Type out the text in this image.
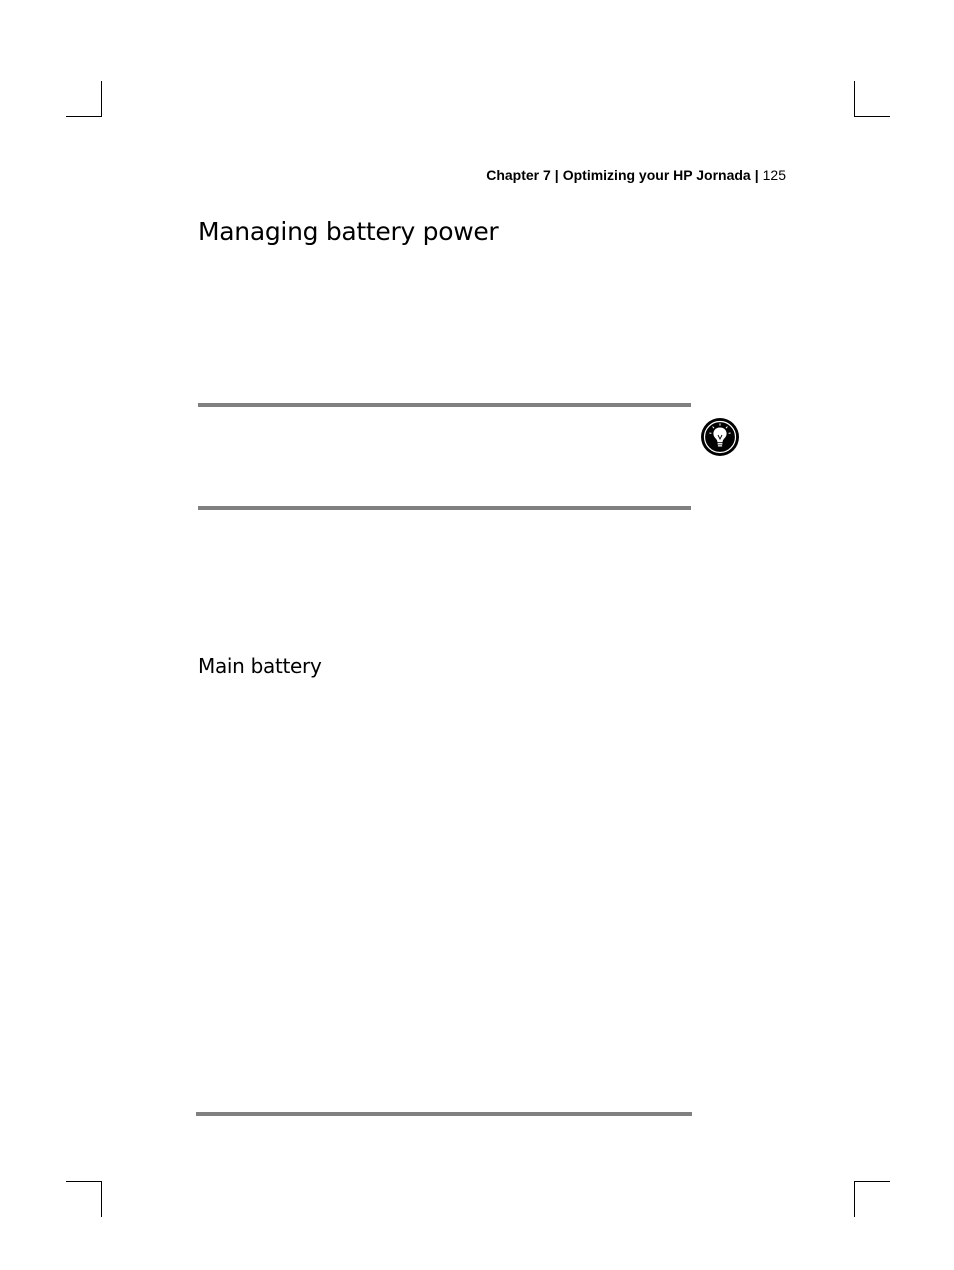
Chapter 7 | Optimizing your HP Jornada | 125
Managing battery power
Main battery
